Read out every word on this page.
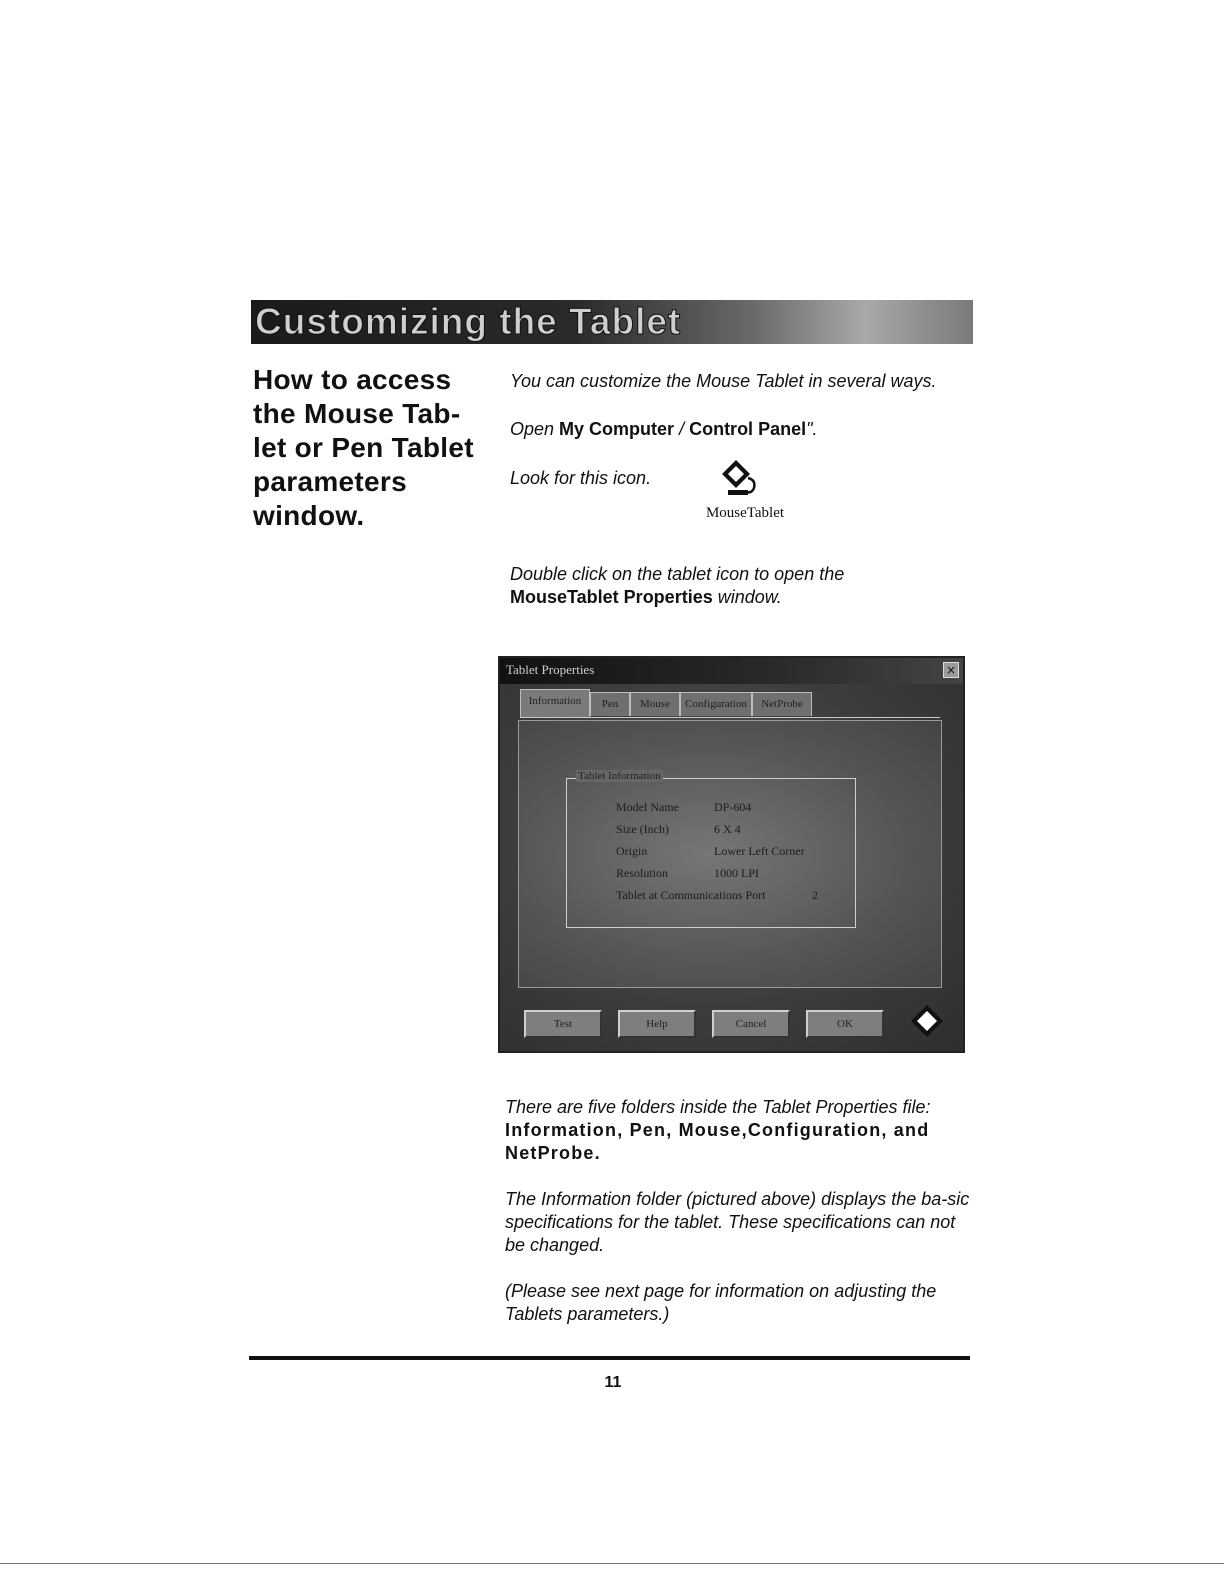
Customizing the Tablet
How to access the Mouse Tab-let or Pen Tablet parameters window.
You can customize the Mouse Tablet in several ways.
Open My Computer / Control Panel".
Look for this icon.
MouseTablet
Double click on the tablet icon to open the
MouseTablet Properties window.
Tablet Properties	×
Information	Pen	Mouse	Configuration	NetProbe
Tablet Information
Model Name	DP-604
Size (Inch)	6 X 4
Origin	Lower Left Corner
Resolution	1000 LPI
Tablet at Communications Port	2
Test	Help	Cancel	OK
There are five folders inside the Tablet Properties file:
Information, Pen, Mouse,Configuration, and NetProbe.
The Information folder (pictured above) displays the ba-sic specifications for the tablet. These specifications can not be changed.
(Please see next page for information on adjusting the Tablets parameters.)
11
